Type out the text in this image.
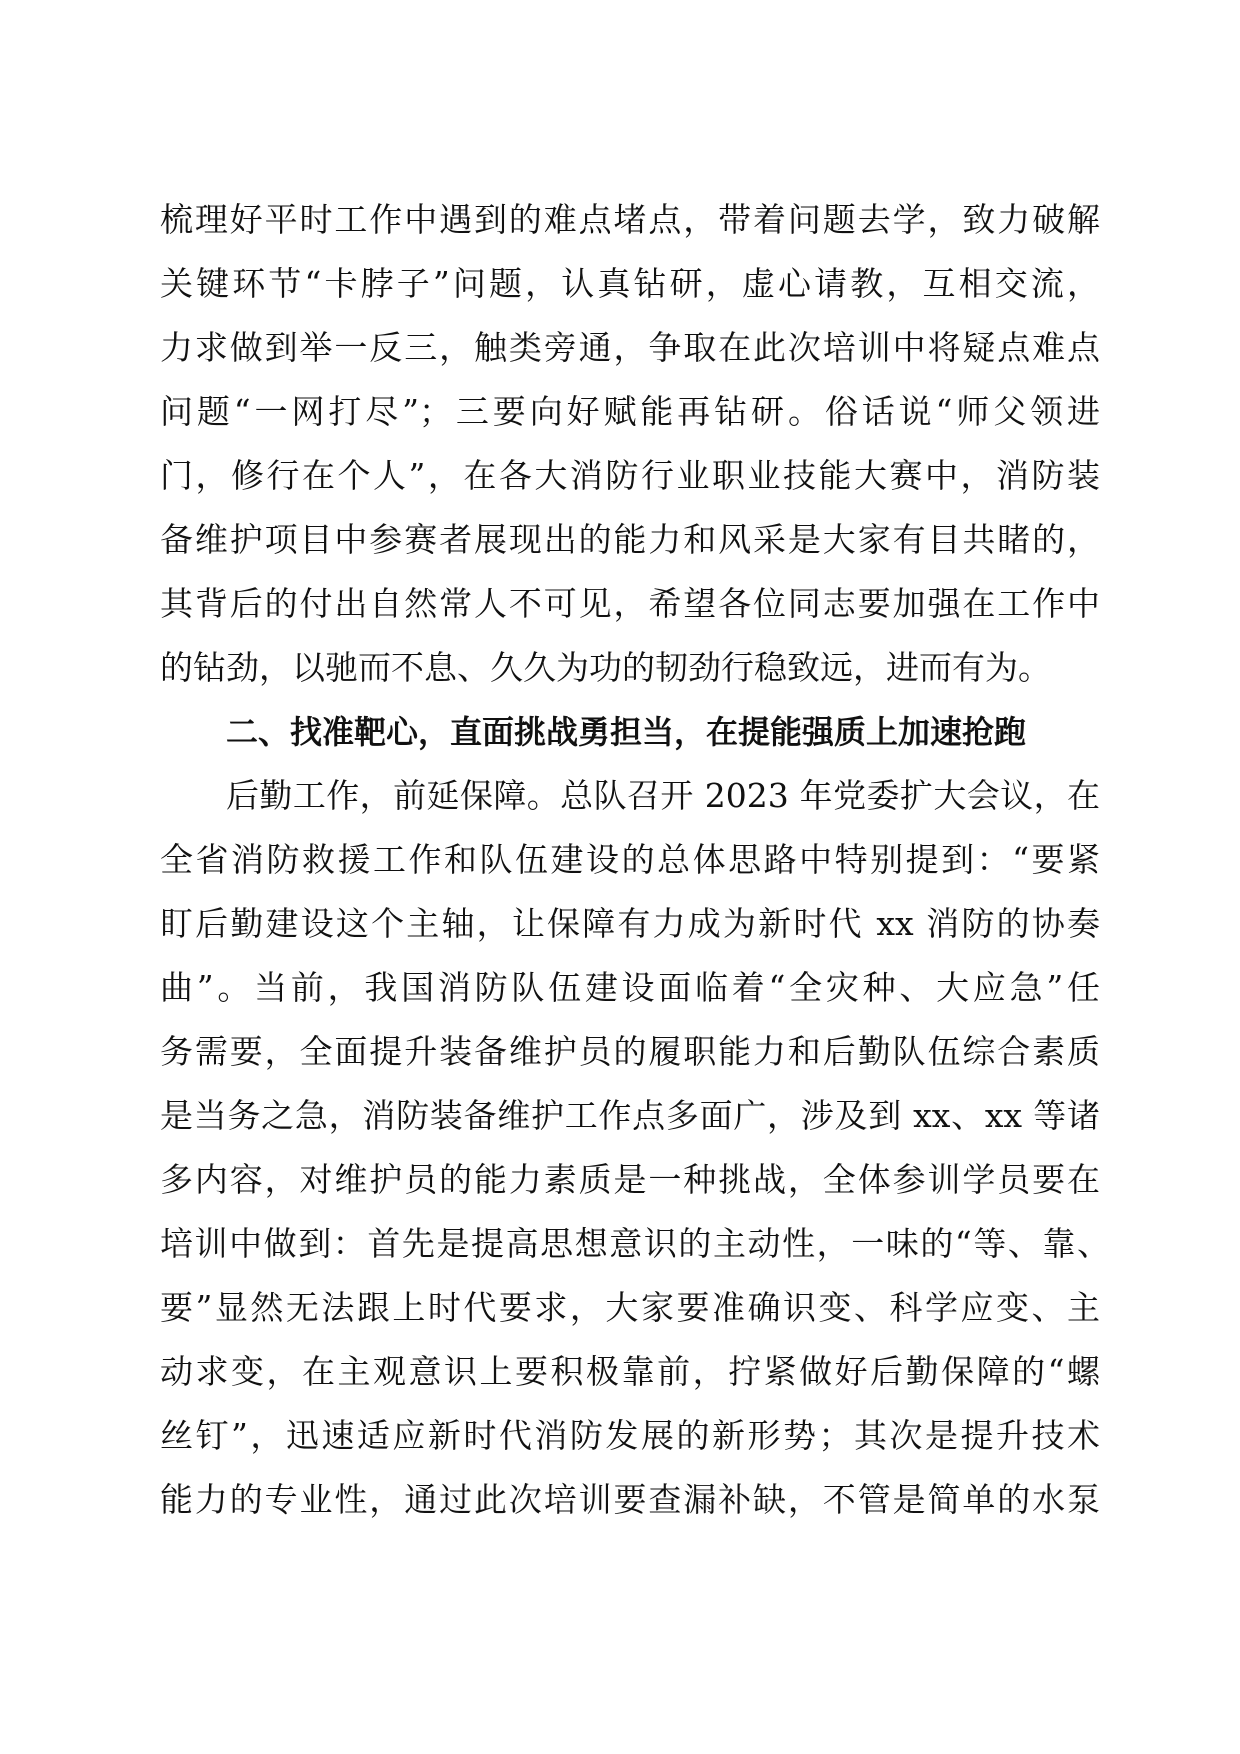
梳理好平时工作中遇到的难点堵点，带着问题去学，致力破解
关键环节“卡脖子”问题，认真钻研，虚心请教，互相交流，
力求做到举一反三，触类旁通，争取在此次培训中将疑点难点
问题“一网打尽”；三要向好赋能再钻研。俗话说“师父领进
门，修行在个人”，在各大消防行业职业技能大赛中，消防装
备维护项目中参赛者展现出的能力和风采是大家有目共睹的，
其背后的付出自然常人不可见，希望各位同志要加强在工作中
的钻劲，以驰而不息、久久为功的韧劲行稳致远，进而有为。
二、找准靶心，直面挑战勇担当，在提能强质上加速抢跑
后勤工作，前延保障。总队召开 2023 年党委扩大会议，在
全省消防救援工作和队伍建设的总体思路中特别提到：“要紧
盯后勤建设这个主轴，让保障有力成为新时代 xx 消防的协奏
曲”。当前，我国消防队伍建设面临着“全灾种、大应急”任
务需要，全面提升装备维护员的履职能力和后勤队伍综合素质
是当务之急，消防装备维护工作点多面广，涉及到 xx、xx 等诸
多内容，对维护员的能力素质是一种挑战，全体参训学员要在
培训中做到：首先是提高思想意识的主动性，一味的“等、靠、
要”显然无法跟上时代要求，大家要准确识变、科学应变、主
动求变，在主观意识上要积极靠前，拧紧做好后勤保障的“螺
丝钉”，迅速适应新时代消防发展的新形势；其次是提升技术
能力的专业性，通过此次培训要查漏补缺，不管是简单的水泵
